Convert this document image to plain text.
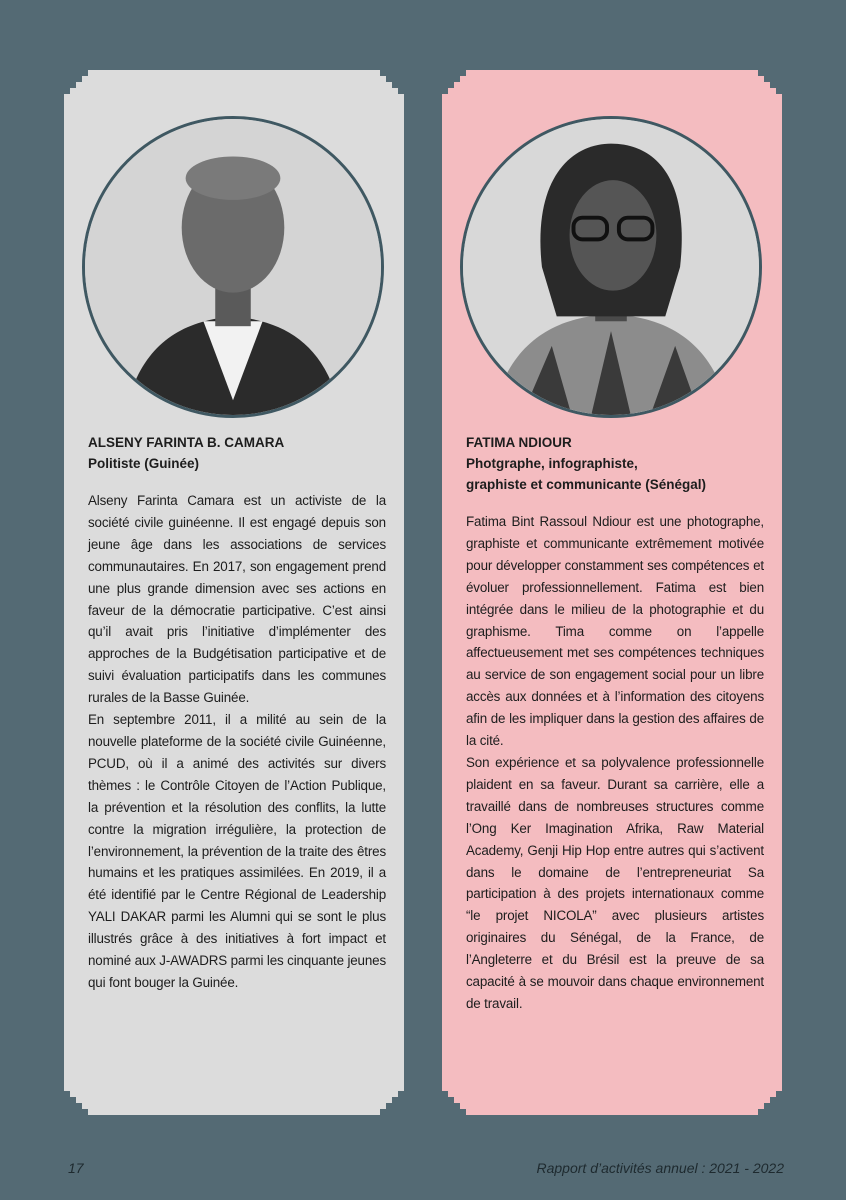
ALSENY FARINTA B. CAMARA

Politiste (Guinée)

Alseny Farinta Camara est un activiste de la société civile guinéenne. Il est engagé depuis son jeune âge dans les associations de services communautaires. En 2017, son engagement prend une plus grande dimension avec ses actions en faveur de la démocratie participative. C’est ainsi qu’il avait pris l’initiative d’implémenter des approches de la Budgétisation participative et de suivi évaluation participatifs dans les communes rurales de la Basse Guinée.

En septembre 2011, il a milité au sein de la nouvelle plateforme de la société civile Guinéenne, PCUD, où il a animé des activités sur divers thèmes : le Contrôle Citoyen de l’Action Publique, la prévention et la résolution des conflits, la lutte contre la migration irrégulière, la protection de l’environnement, la prévention de la traite des êtres humains et les pratiques assimilées. En 2019, il a été identifié par le Centre Régional de Leadership YALI DAKAR parmi les Alumni qui se sont le plus illustrés grâce à des initiatives à fort impact et nominé aux J-AWADRS parmi les cinquante jeunes qui font bouger la Guinée.

FATIMA NDIOUR

Photgraphe, infographiste,

graphiste et communicante (Sénégal)

Fatima Bint Rassoul Ndiour est une photographe, graphiste et communicante extrêmement motivée pour développer constamment ses compétences et évoluer professionnellement. Fatima est bien intégrée dans le milieu de la photographie et du graphisme. Tima comme on l’appelle affectueusement met ses compétences techniques au service de son engagement social pour un libre accès aux données et à l’information des citoyens afin de les impliquer dans la gestion des affaires de la cité.

Son expérience et sa polyvalence professionnelle plaident en sa faveur. Durant sa carrière, elle a travaillé dans de nombreuses structures comme l’Ong Ker Imagination Afrika, Raw Material Academy, Genji Hip Hop entre autres qui s’activent dans le domaine de l’entrepreneuriat Sa participation à des projets internationaux comme “le projet NICOLA” avec plusieurs artistes originaires du Sénégal, de la France, de l’Angleterre et du Brésil est la preuve de sa capacité à se mouvoir dans chaque environnement de travail.

17	Rapport d’activités annuel : 2021 - 2022
